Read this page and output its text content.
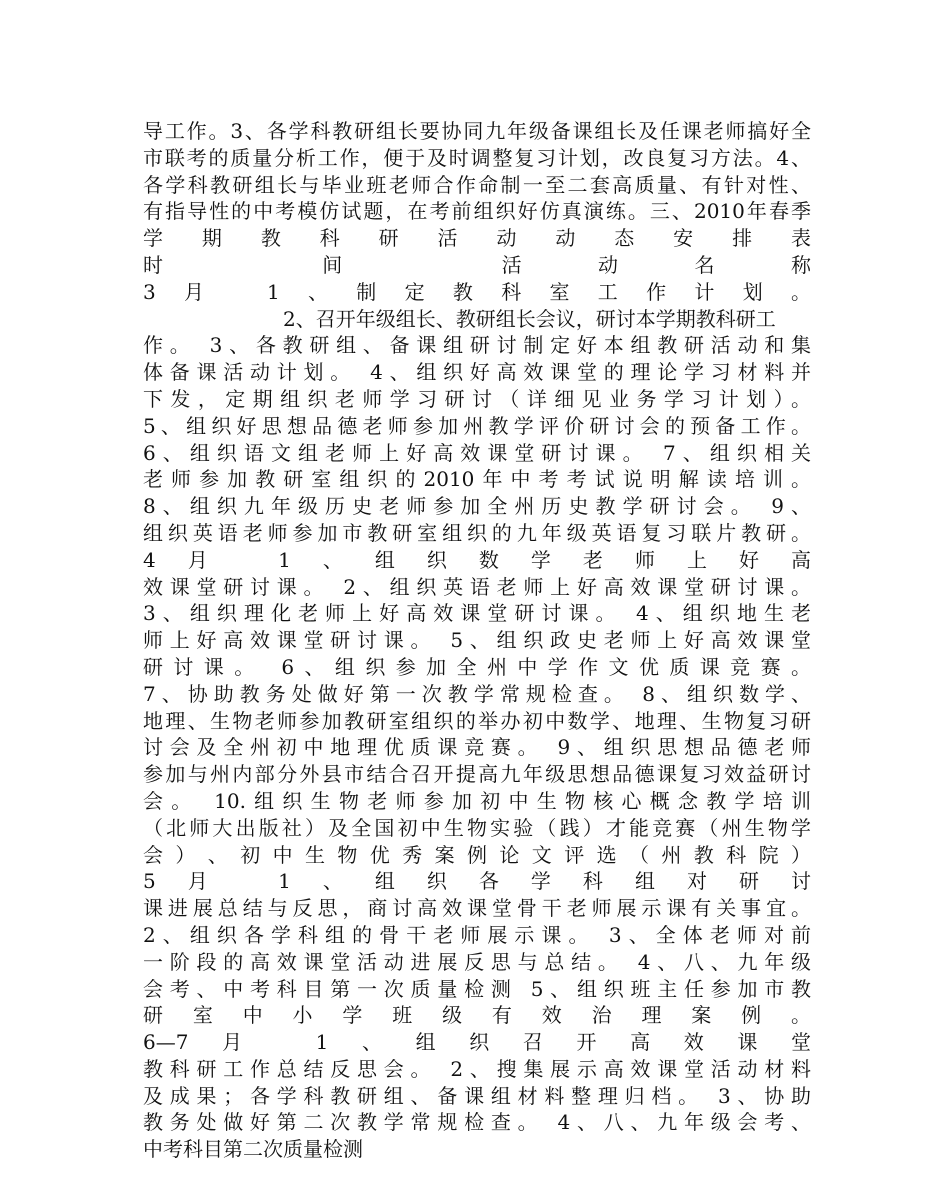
导工作。3、各学科教研组长要协同九年级备课组长及任课老师搞好全
市联考的质量分析工作，便于及时调整复习计划，改良复习方法。4、
各学科教研组长与毕业班老师合作命制一至二套高质量、有针对性、
有指导性的中考模仿试题，在考前组织好仿真演练。三、2010年春季
学 期 教 科 研 活 动 动 态 安 排 表
时 间 活动名称
3月 1、制定教科室工作计划。
　　　　　　　2、召开年级组长、教研组长会议，研讨本学期教科研工
作。 3、各教研组、备课组研讨制定好本组教研活动和集
体备课活动计划。 4、组织好高效课堂的理论学习材料并
下发，定期组织老师学习研讨（详细见业务学习计划）。
5、组织好思想品德老师参加州教学评价研讨会的预备工作。
6、组织语文组老师上好高效课堂研讨课。 7、组织相关
老师参加教研室组织的2010年中考考试说明解读培训。
8、组织九年级历史老师参加全州历史教学研讨会。 9、
组织英语老师参加市教研室组织的九年级英语复习联片教研。
4月 1、组织数学老师上好高
效课堂研讨课。 2、组织英语老师上好高效课堂研讨课。
3、组织理化老师上好高效课堂研讨课。 4、组织地生老
师上好高效课堂研讨课。 5、组织政史老师上好高效课堂
研讨课。 6、组织参加全州中学作文优质课竞赛。
7、协助教务处做好第一次教学常规检查。 8、组织数学、
地理、生物老师参加教研室组织的举办初中数学、地理、生物复习研
讨会及全州初中地理优质课竞赛。 9、组织思想品德老师
参加与州内部分外县市结合召开提高九年级思想品德课复习效益研讨
会。 10.组织生物老师参加初中生物核心概念教学培训
（北师大出版社）及全国初中生物实验（践）才能竞赛（州生物学
会 ） 、 初 中 生 物 优 秀 案 例 论 文 评 选 （ 州 教 科 院 ）
5月 1、组织各学科组对研讨
课进展总结与反思，商讨高效课堂骨干老师展示课有关事宜。
2、组织各学科组的骨干老师展示课。 3、全体老师对前
一阶段的高效课堂活动进展反思与总结。 4、八、九年级
会考、中考科目第一次质量检测 5、组织班主任参加市教
研 室 中 小 学 班 级 有 效 治 理 案 例 。
6—7月 1、组织召开高效课堂
教科研工作总结反思会。 2、搜集展示高效课堂活动材料
及成果；各学科教研组、备课组材料整理归档。 3、协助
教务处做好第二次教学常规检查。 4、八、九年级会考、
中考科目第二次质量检测
